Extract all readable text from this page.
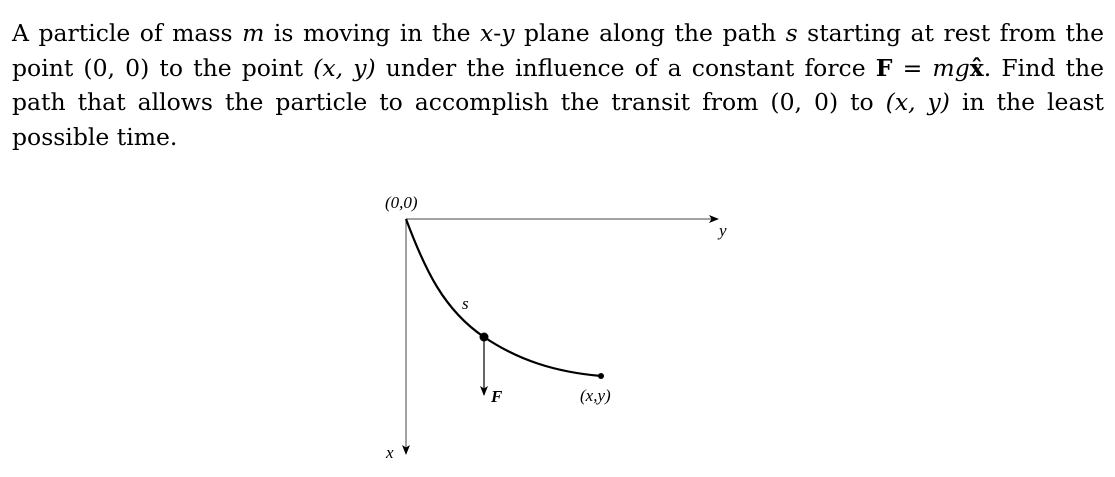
A particle of mass m is moving in the x-y plane along the path s starting at rest from the point (0, 0) to the point (x, y) under the influence of a constant force F = mgx̂. Find the path that allows the particle to accomplish the transit from (0, 0) to (x, y) in the least possible time.
(0,0)
y
x
s
F	(x,y)
